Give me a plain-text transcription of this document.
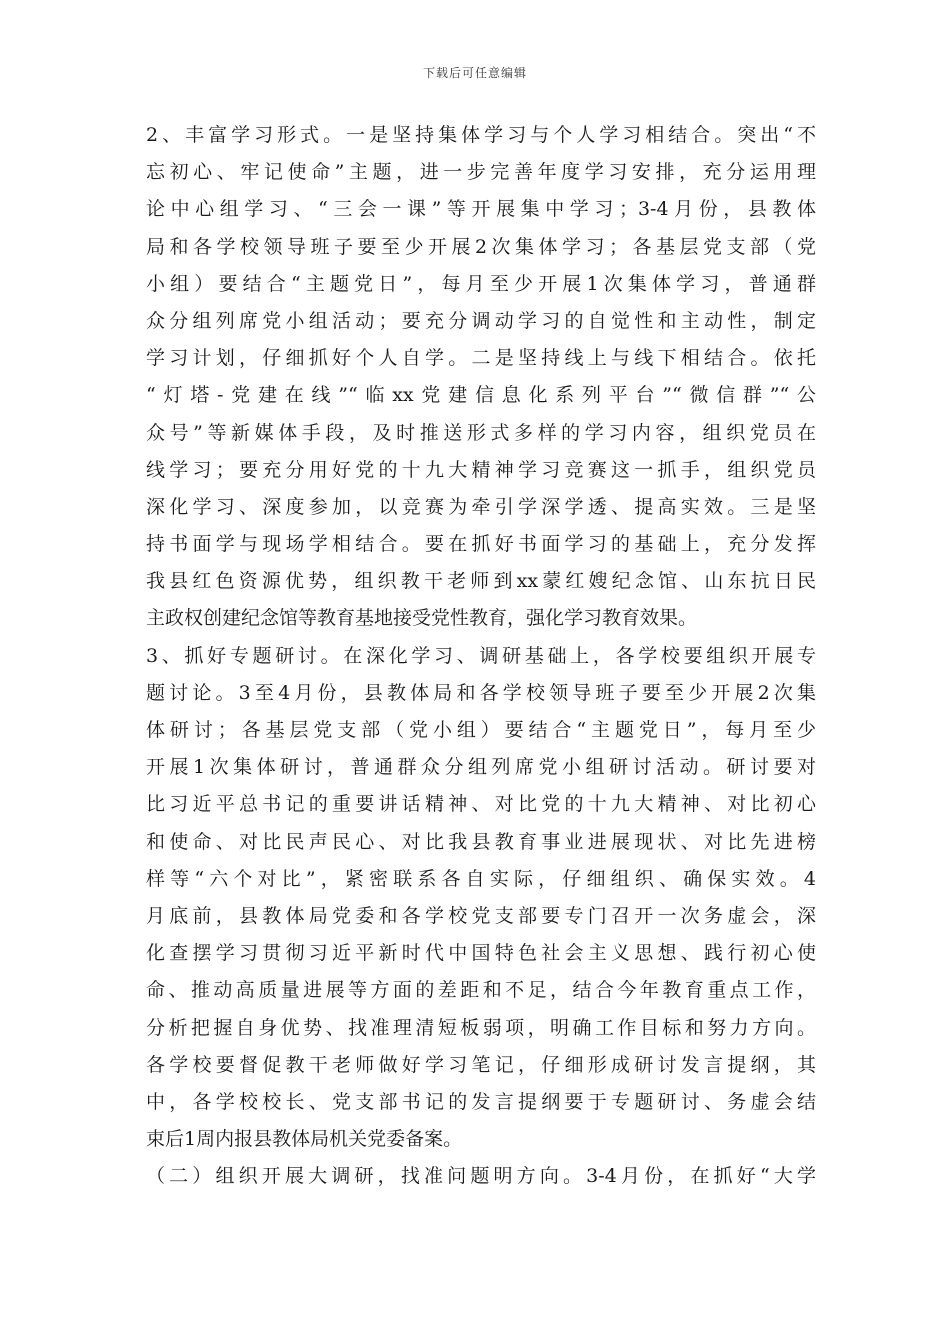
下载后可任意编辑
2、丰富学习形式。一是坚持集体学习与个人学习相结合。突出“不
忘初心、牢记使命”主题，进一步完善年度学习安排，充分运用理
论中心组学习、“三会一课”等开展集中学习；3-4月份，县教体
局和各学校领导班子要至少开展2次集体学习；各基层党支部（党
小组）要结合“主题党日”，每月至少开展1次集体学习，普通群
众分组列席党小组活动；要充分调动学习的自觉性和主动性，制定
学习计划，仔细抓好个人自学。二是坚持线上与线下相结合。依托
“灯塔-党建在线”“临xx党建信息化系列平台”“微信群”“公
众号”等新媒体手段，及时推送形式多样的学习内容，组织党员在
线学习；要充分用好党的十九大精神学习竞赛这一抓手，组织党员
深化学习、深度参加，以竞赛为牵引学深学透、提高实效。三是坚
持书面学与现场学相结合。要在抓好书面学习的基础上，充分发挥
我县红色资源优势，组织教干老师到xx蒙红嫂纪念馆、山东抗日民
主政权创建纪念馆等教育基地接受党性教育，强化学习教育效果。
3、抓好专题研讨。在深化学习、调研基础上，各学校要组织开展专
题讨论。3至4月份，县教体局和各学校领导班子要至少开展2次集
体研讨；各基层党支部（党小组）要结合“主题党日”，每月至少
开展1次集体研讨，普通群众分组列席党小组研讨活动。研讨要对
比习近平总书记的重要讲话精神、对比党的十九大精神、对比初心
和使命、对比民声民心、对比我县教育事业进展现状、对比先进榜
样等“六个对比”，紧密联系各自实际，仔细组织、确保实效。4
月底前，县教体局党委和各学校党支部要专门召开一次务虚会，深
化查摆学习贯彻习近平新时代中国特色社会主义思想、践行初心使
命、推动高质量进展等方面的差距和不足，结合今年教育重点工作，
分析把握自身优势、找准理清短板弱项，明确工作目标和努力方向。
各学校要督促教干老师做好学习笔记，仔细形成研讨发言提纲，其
中，各学校校长、党支部书记的发言提纲要于专题研讨、务虚会结
束后1周内报县教体局机关党委备案。
（二）组织开展大调研，找准问题明方向。3-4月份，在抓好“大学
